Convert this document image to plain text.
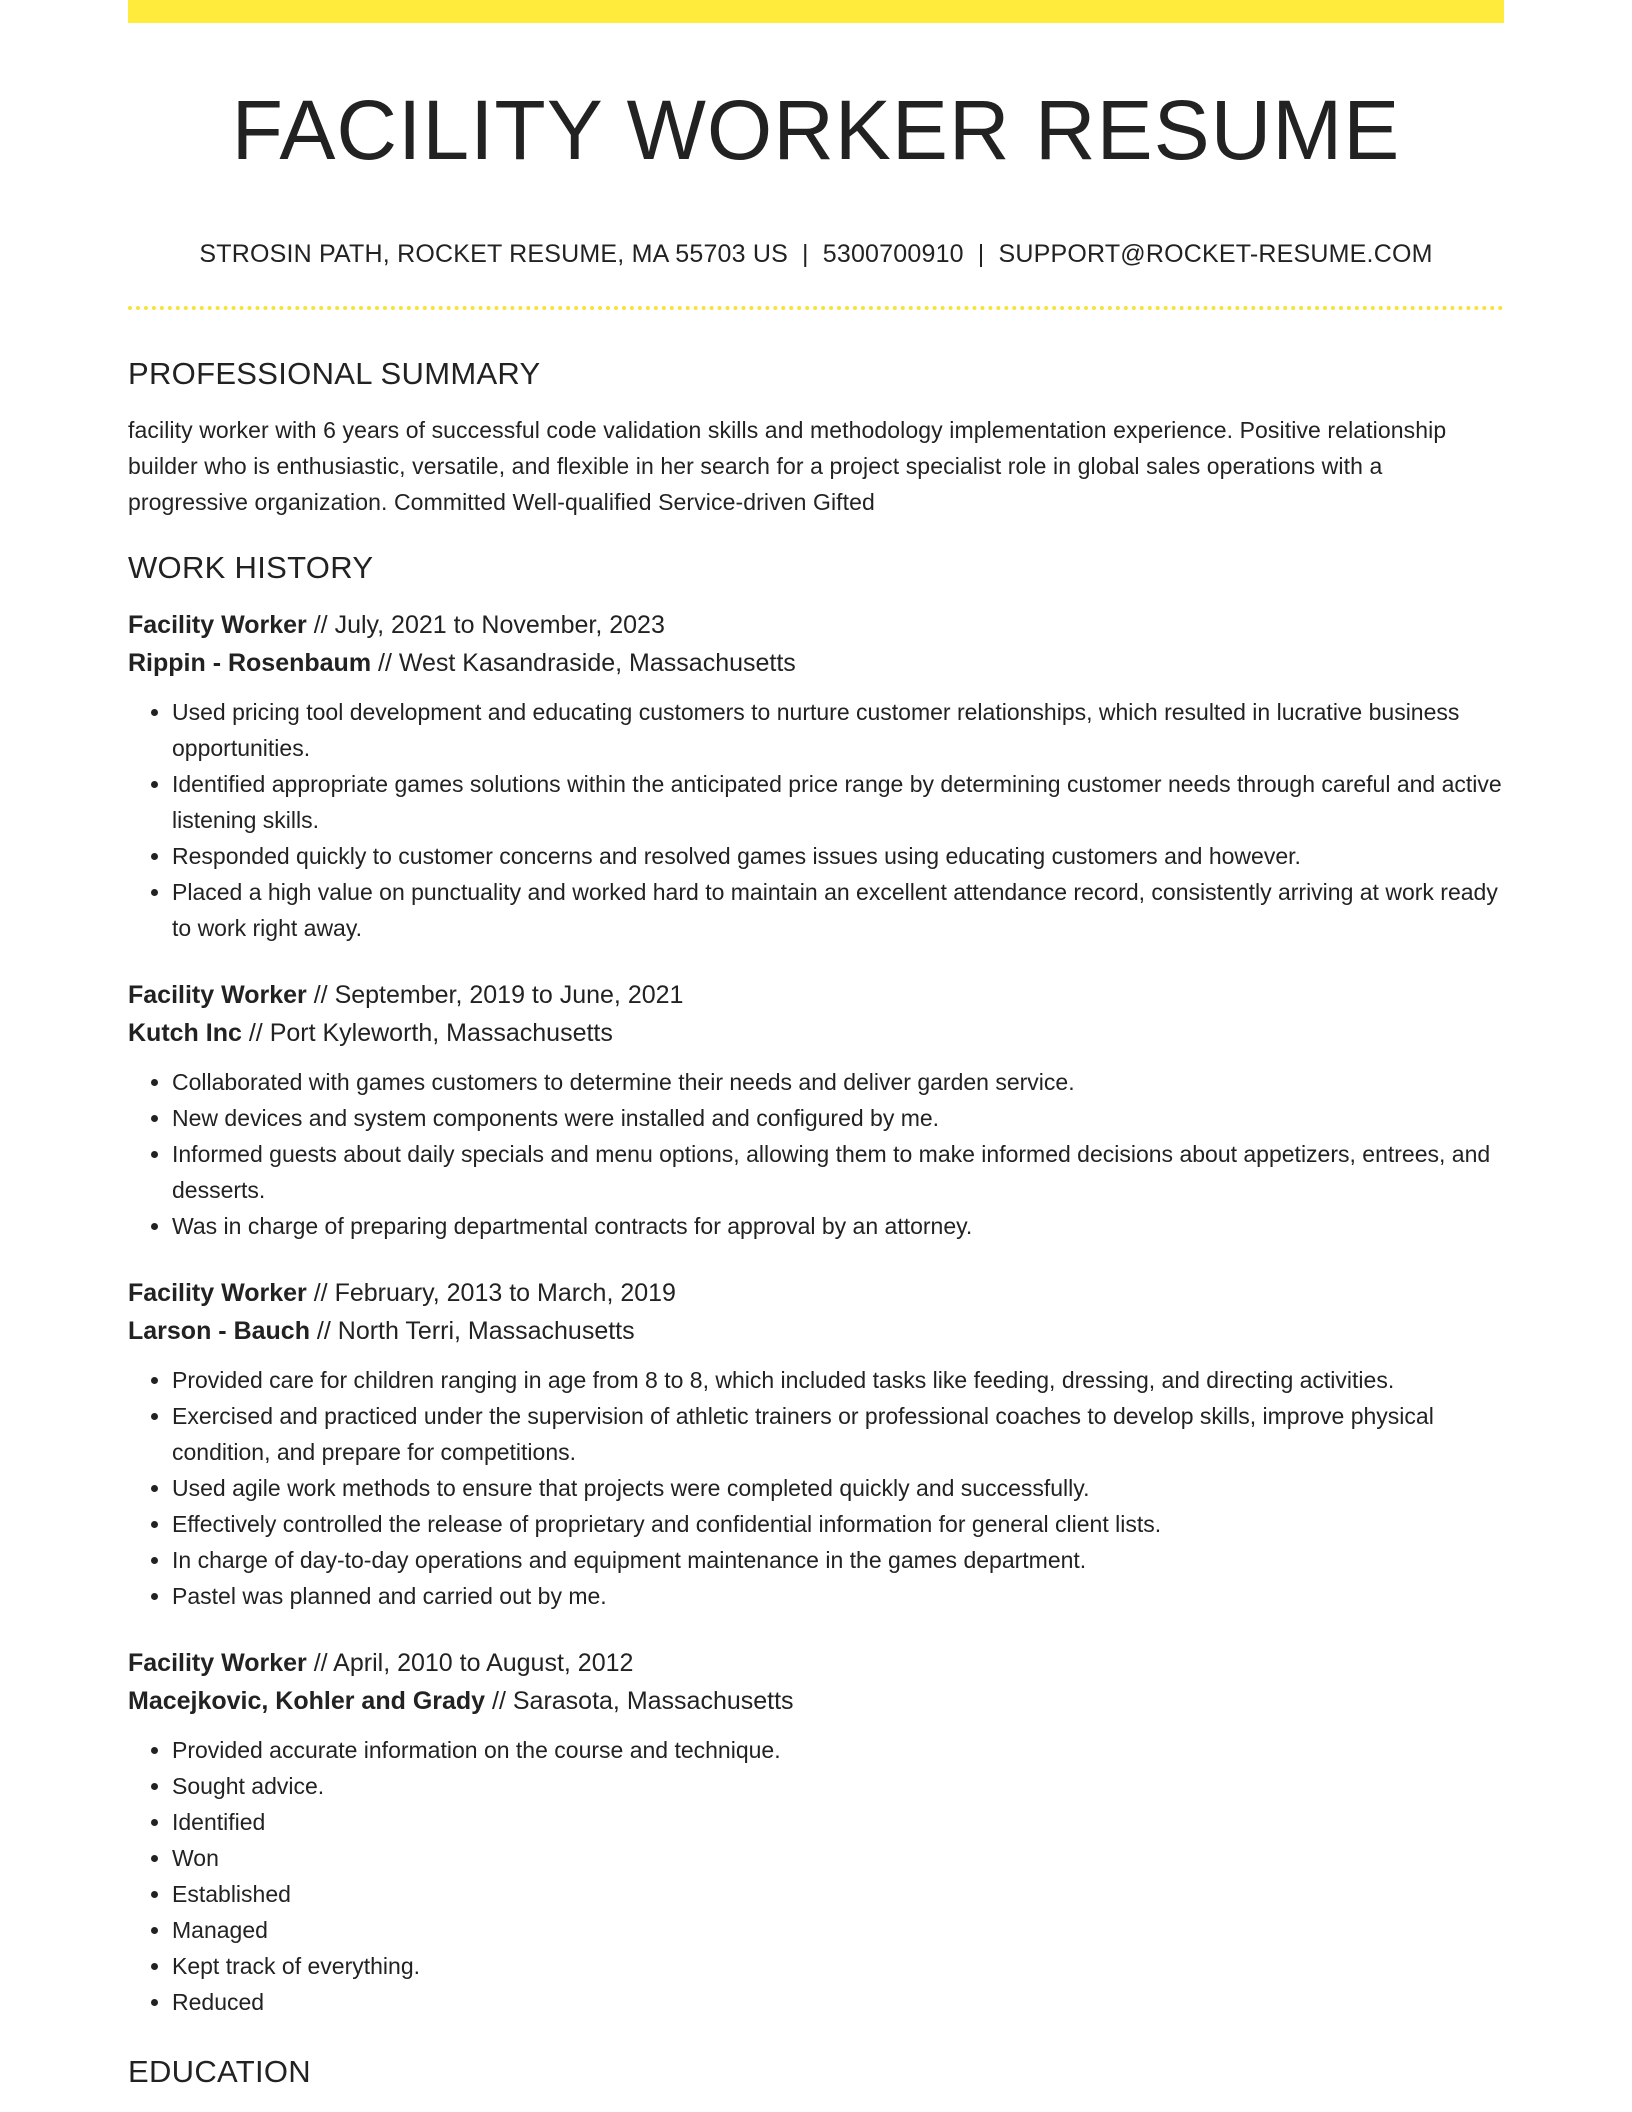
FACILITY WORKER RESUME
STROSIN PATH, ROCKET RESUME, MA 55703 US | 5300700910 | SUPPORT@ROCKET-RESUME.COM
PROFESSIONAL SUMMARY

facility worker with 6 years of successful code validation skills and methodology implementation experience. Positive relationship builder who is enthusiastic, versatile, and flexible in her search for a project specialist role in global sales operations with a progressive organization. Committed Well-qualified Service-driven Gifted

WORK HISTORY

Facility Worker // July, 2021 to November, 2023

Rippin - Rosenbaum // West Kasandraside, Massachusetts

• Used pricing tool development and educating customers to nurture customer relationships, which resulted in lucrative business opportunities.
• Identified appropriate games solutions within the anticipated price range by determining customer needs through careful and active listening skills.
• Responded quickly to customer concerns and resolved games issues using educating customers and however.
• Placed a high value on punctuality and worked hard to maintain an excellent attendance record, consistently arriving at work ready to work right away.

Facility Worker // September, 2019 to June, 2021

Kutch Inc // Port Kyleworth, Massachusetts

• Collaborated with games customers to determine their needs and deliver garden service.
• New devices and system components were installed and configured by me.
• Informed guests about daily specials and menu options, allowing them to make informed decisions about appetizers, entrees, and desserts.
• Was in charge of preparing departmental contracts for approval by an attorney.

Facility Worker // February, 2013 to March, 2019

Larson - Bauch // North Terri, Massachusetts

• Provided care for children ranging in age from 8 to 8, which included tasks like feeding, dressing, and directing activities.
• Exercised and practiced under the supervision of athletic trainers or professional coaches to develop skills, improve physical condition, and prepare for competitions.
• Used agile work methods to ensure that projects were completed quickly and successfully.
• Effectively controlled the release of proprietary and confidential information for general client lists.
• In charge of day-to-day operations and equipment maintenance in the games department.
• Pastel was planned and carried out by me.

Facility Worker // April, 2010 to August, 2012

Macejkovic, Kohler and Grady // Sarasota, Massachusetts

• Provided accurate information on the course and technique.
• Sought advice.
• Identified
• Won
• Established
• Managed
• Kept track of everything.
• Reduced
EDUCATION
